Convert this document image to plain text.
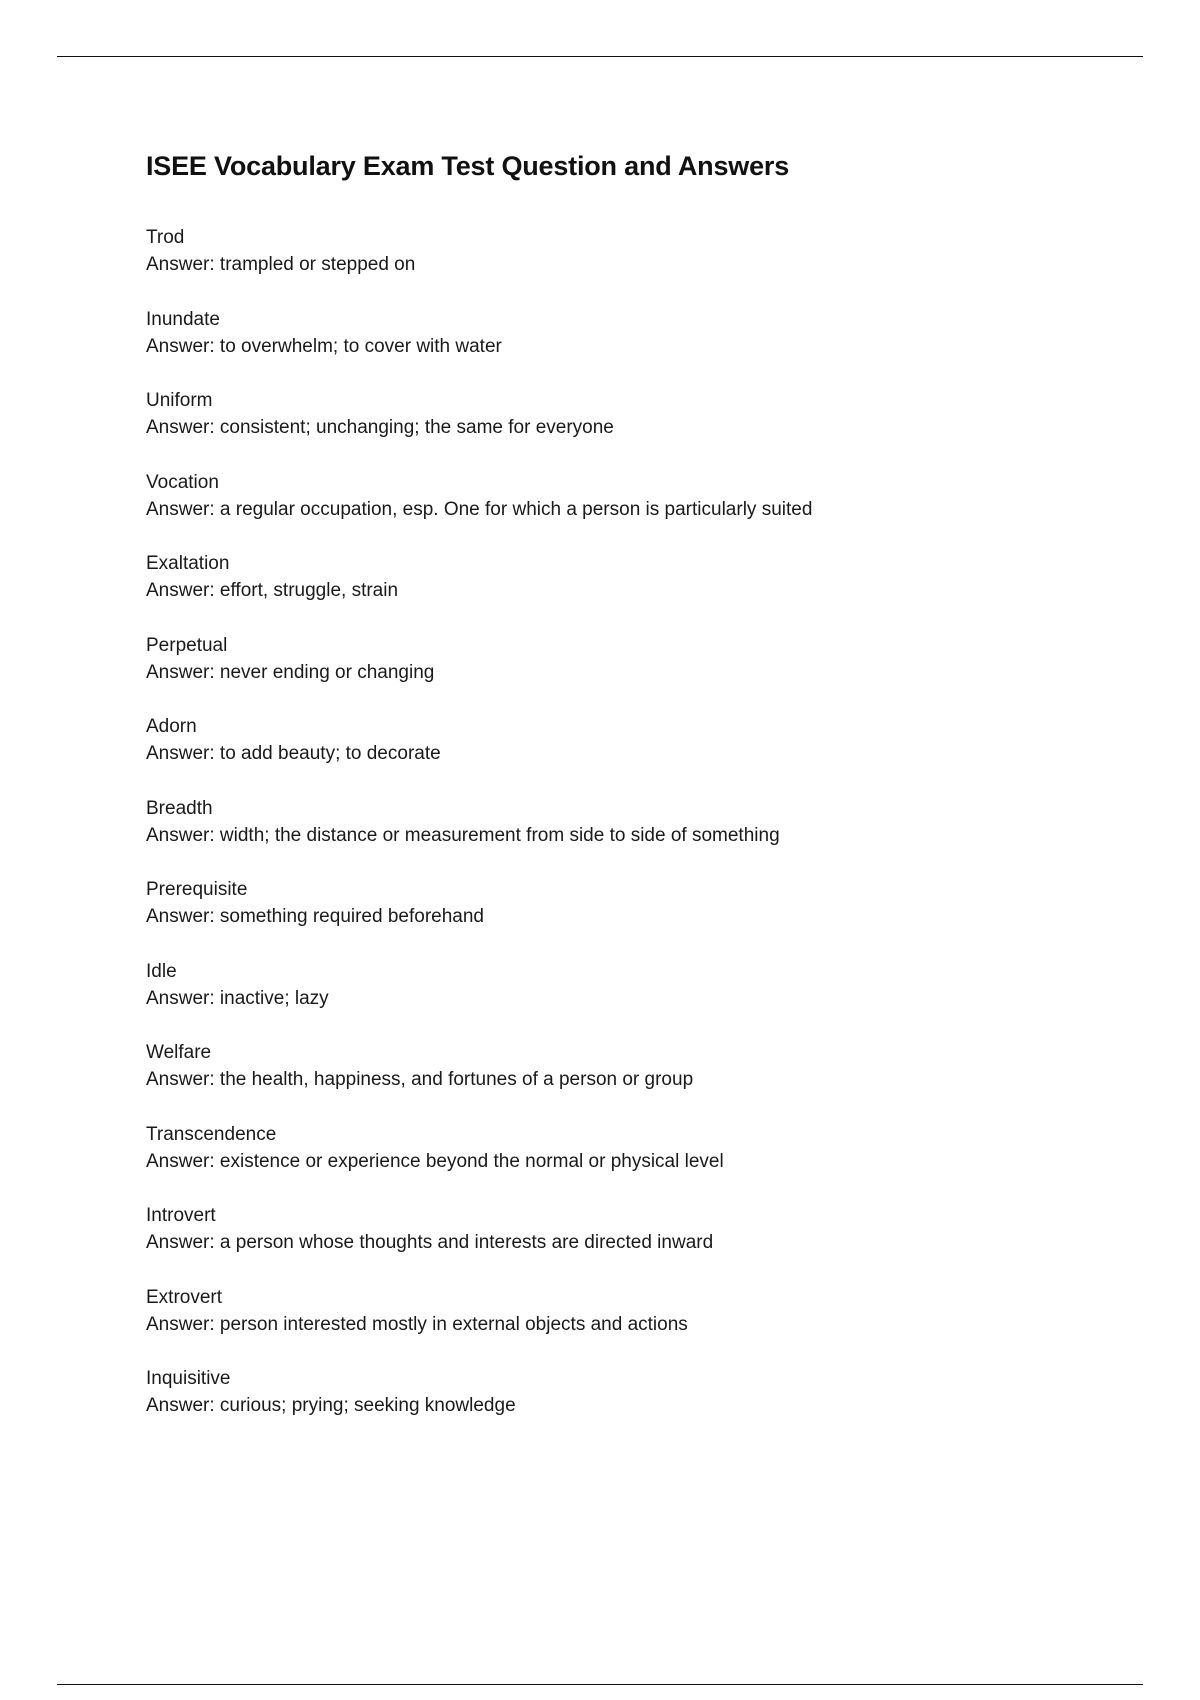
ISEE Vocabulary Exam Test Question and Answers
Trod
Answer: trampled or stepped on
Inundate
Answer: to overwhelm; to cover with water
Uniform
Answer: consistent; unchanging; the same for everyone
Vocation
Answer: a regular occupation, esp. One for which a person is particularly suited
Exaltation
Answer: effort, struggle, strain
Perpetual
Answer: never ending or changing
Adorn
Answer: to add beauty; to decorate
Breadth
Answer: width; the distance or measurement from side to side of something
Prerequisite
Answer: something required beforehand
Idle
Answer: inactive; lazy
Welfare
Answer: the health, happiness, and fortunes of a person or group
Transcendence
Answer: existence or experience beyond the normal or physical level
Introvert
Answer: a person whose thoughts and interests are directed inward
Extrovert
Answer: person interested mostly in external objects and actions
Inquisitive
Answer: curious; prying; seeking knowledge
